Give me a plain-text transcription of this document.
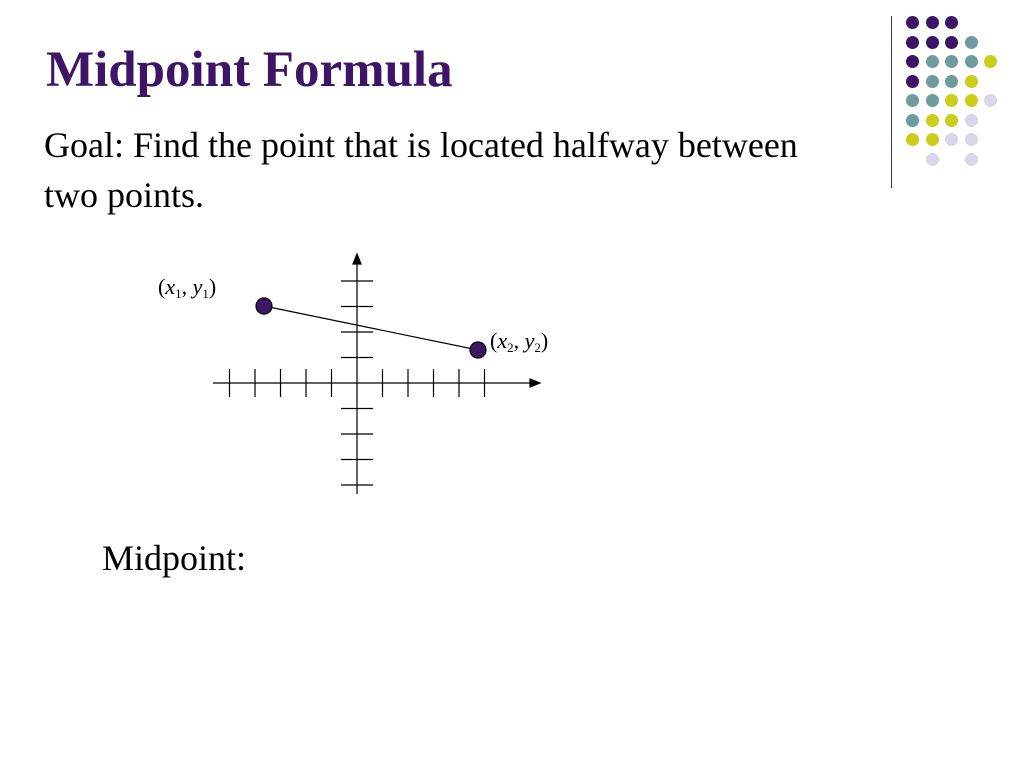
Midpoint Formula

Goal: Find the point that is located halfway between two points.

($x_1$, $y_1$)
($x_2$, $y_2$)

Midpoint:
